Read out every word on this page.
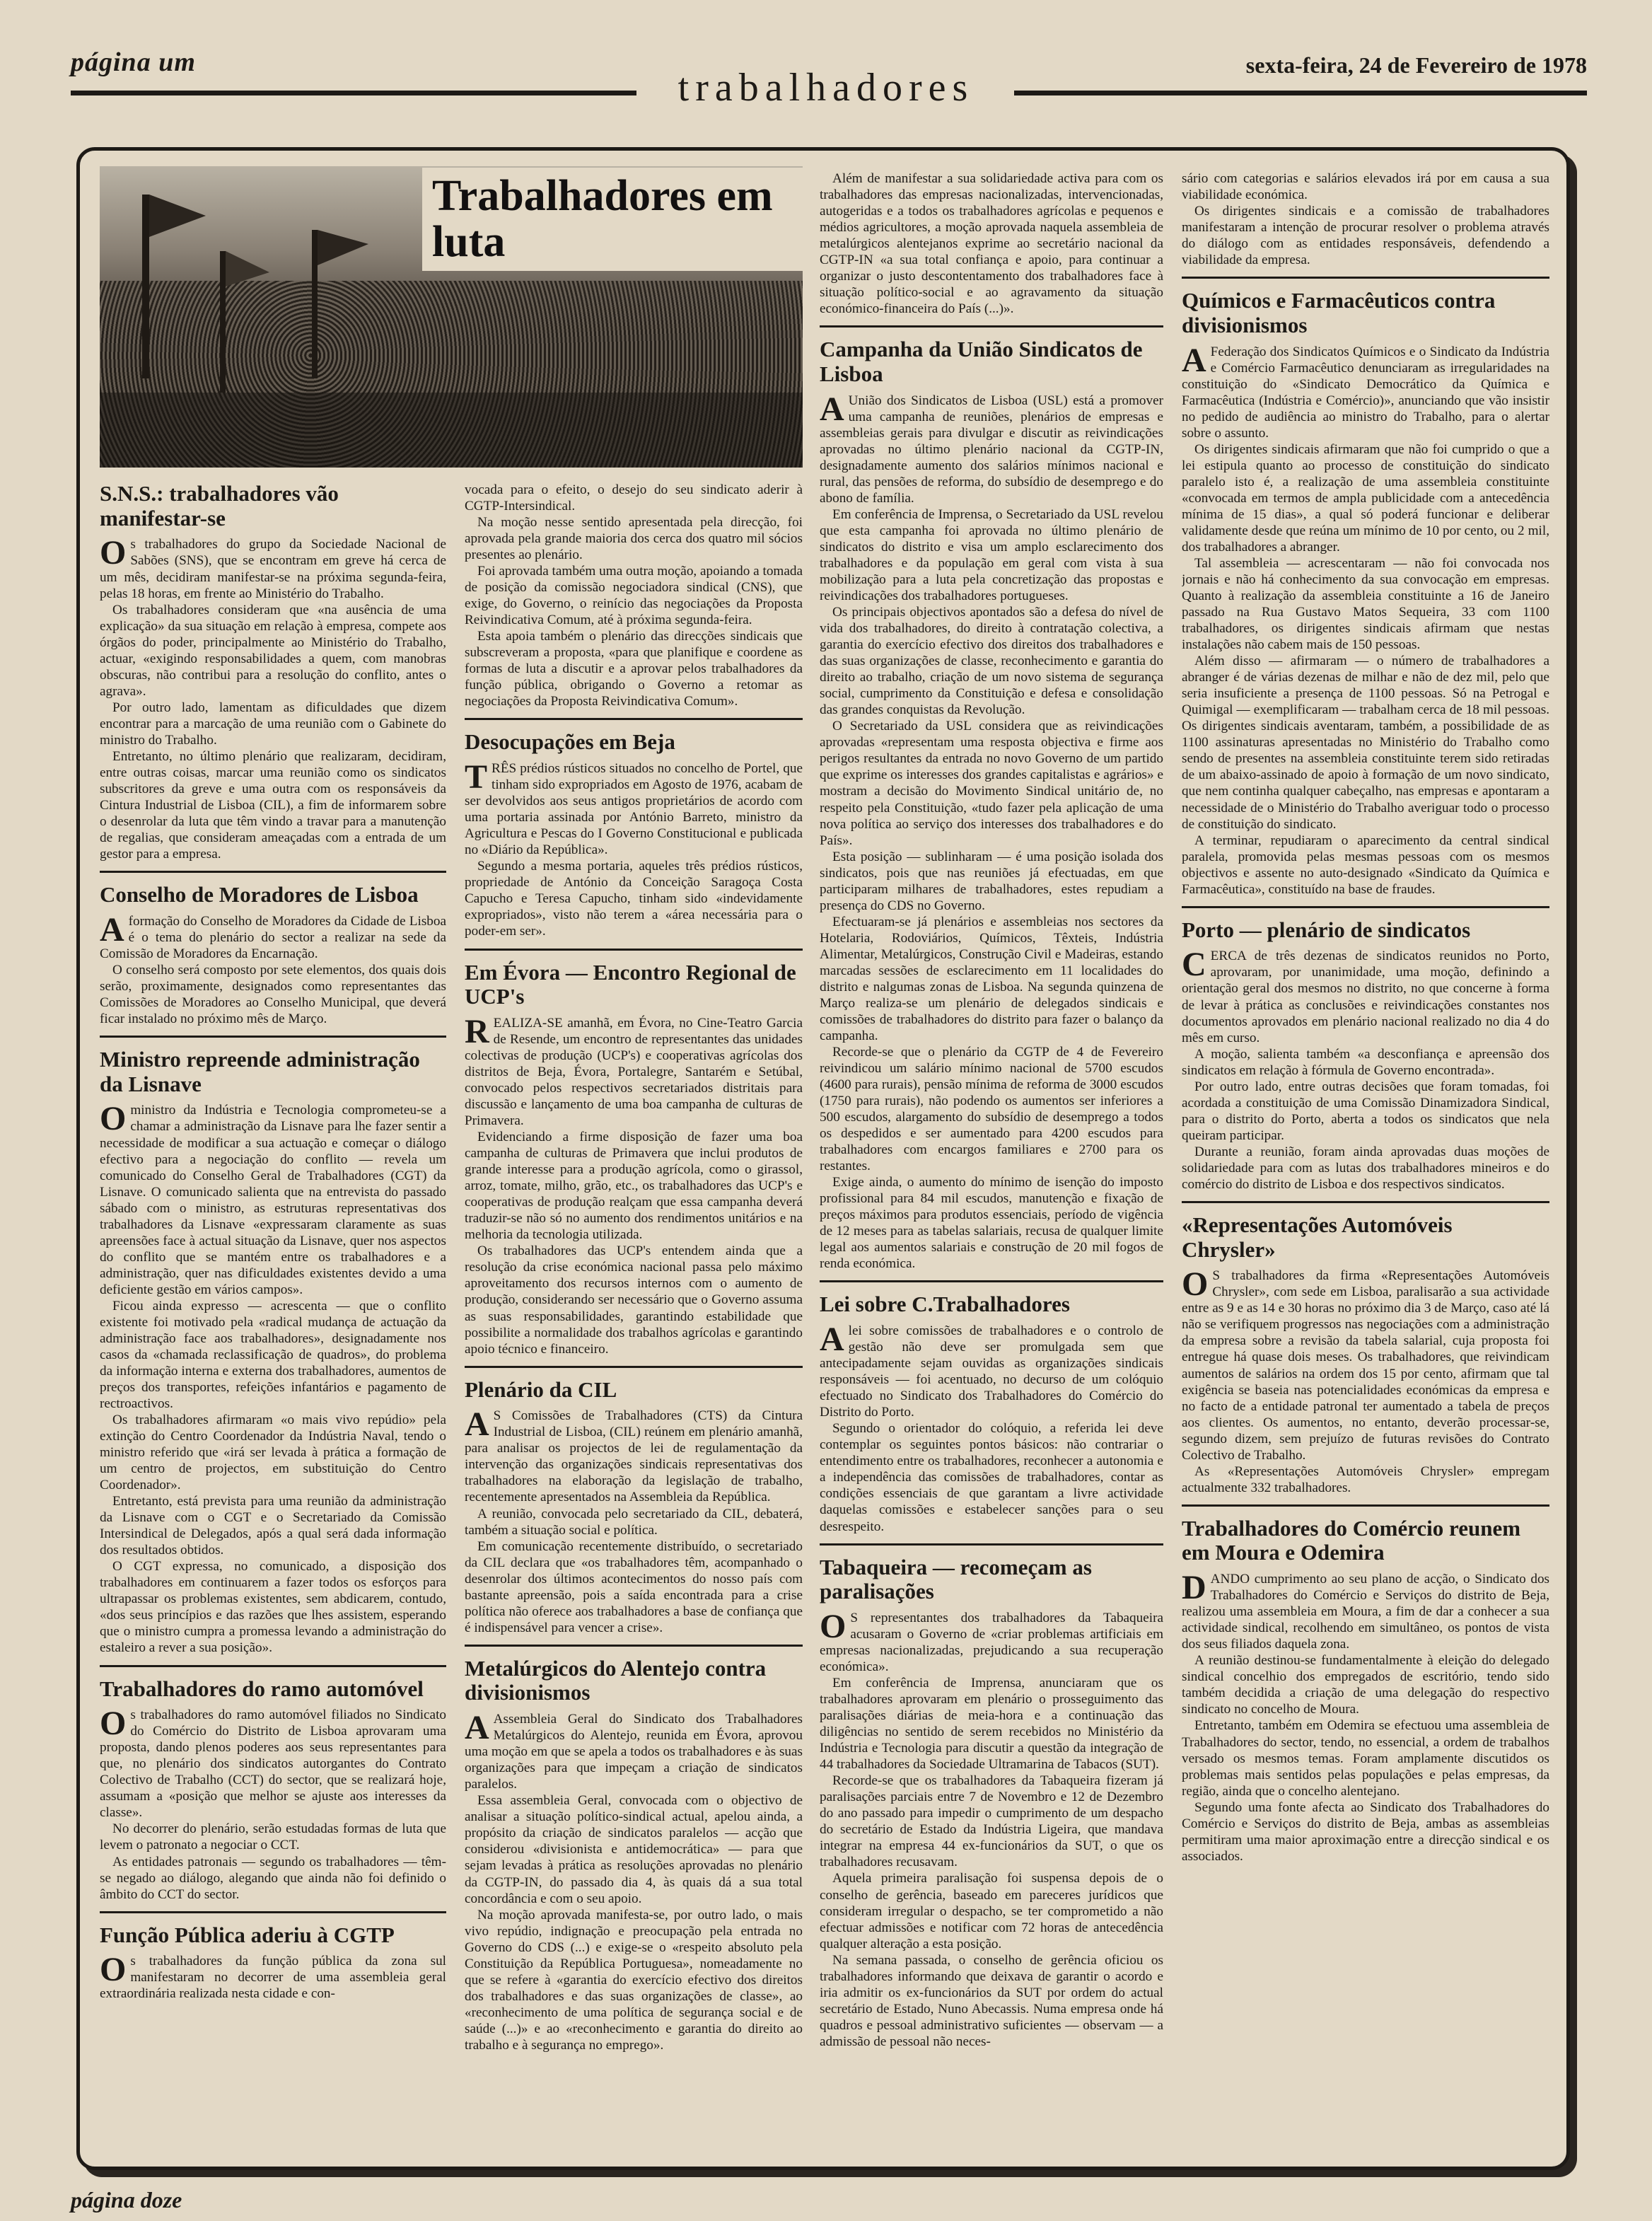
página um
trabalhadores
sexta-feira, 24 de Fevereiro de 1978
Trabalhadores em luta
S.N.S.: trabalhadores vão manifestar-se

Os trabalhadores do grupo da Sociedade Nacional de Sabões (SNS), que se encontram em greve há cerca de um mês, decidiram manifestar-se na próxima segunda-feira, pelas 18 horas, em frente ao Ministério do Trabalho.

Os trabalhadores consideram que «na ausência de uma explicação» da sua situação em relação à empresa, compete aos órgãos do poder, principalmente ao Ministério do Trabalho, actuar, «exigindo responsabilidades a quem, com manobras obscuras, não contribui para a resolução do conflito, antes o agrava».

Por outro lado, lamentam as dificuldades que dizem encontrar para a marcação de uma reunião com o Gabinete do ministro do Trabalho.

Entretanto, no último plenário que realizaram, decidiram, entre outras coisas, marcar uma reunião como os sindicatos subscritores da greve e uma outra com os responsáveis da Cintura Industrial de Lisboa (CIL), a fim de informarem sobre o desenrolar da luta que têm vindo a travar para a manutenção de regalias, que consideram ameaçadas com a entrada de um gestor para a empresa.

Conselho de Moradores de Lisboa

A formação do Conselho de Moradores da Cidade de Lisboa é o tema do plenário do sector a realizar na sede da Comissão de Moradores da Encarnação.

O conselho será composto por sete elementos, dos quais dois serão, proximamente, designados como representantes das Comissões de Moradores ao Conselho Municipal, que deverá ficar instalado no próximo mês de Março.

Ministro repreende administração da Lisnave

O ministro da Indústria e Tecnologia comprometeu-se a chamar a administração da Lisnave para lhe fazer sentir a necessidade de modificar a sua actuação e começar o diálogo efectivo para a negociação do conflito — revela um comunicado do Conselho Geral de Trabalhadores (CGT) da Lisnave. O comunicado salienta que na entrevista do passado sábado com o ministro, as estruturas representativas dos trabalhadores da Lisnave «expressaram claramente as suas apreensões face à actual situação da Lisnave, quer nos aspectos do conflito que se mantém entre os trabalhadores e a administração, quer nas dificuldades existentes devido a uma deficiente gestão em vários campos».

Ficou ainda expresso — acrescenta — que o conflito existente foi motivado pela «radical mudança de actuação da administração face aos trabalhadores», designadamente nos casos da «chamada reclassificação de quadros», do problema da informação interna e externa dos trabalhadores, aumentos de preços dos transportes, refeições infantários e pagamento de rectroactivos.

Os trabalhadores afirmaram «o mais vivo repúdio» pela extinção do Centro Coordenador da Indústria Naval, tendo o ministro referido que «irá ser levada à prática a formação de um centro de projectos, em substituição do Centro Coordenador».

Entretanto, está prevista para uma reunião da administração da Lisnave com o CGT e o Secretariado da Comissão Intersindical de Delegados, após a qual será dada informação dos resultados obtidos.

O CGT expressa, no comunicado, a disposição dos trabalhadores em continuarem a fazer todos os esforços para ultrapassar os problemas existentes, sem abdicarem, contudo, «dos seus princípios e das razões que lhes assistem, esperando que o ministro cumpra a promessa levando a administração do estaleiro a rever a sua posição».

Trabalhadores do ramo automóvel

Os trabalhadores do ramo automóvel filiados no Sindicato do Comércio do Distrito de Lisboa aprovaram uma proposta, dando plenos poderes aos seus representantes para que, no plenário dos sindicatos autorgantes do Contrato Colectivo de Trabalho (CCT) do sector, que se realizará hoje, assumam a «posição que melhor se ajuste aos interesses da classe».

No decorrer do plenário, serão estudadas formas de luta que levem o patronato a negociar o CCT.

As entidades patronais — segundo os trabalhadores — têm-se negado ao diálogo, alegando que ainda não foi definido o âmbito do CCT do sector.

Função Pública aderiu à CGTP

Os trabalhadores da função pública da zona sul manifestaram no decorrer de uma assembleia geral extraordinária realizada nesta cidade e con-

vocada para o efeito, o desejo do seu sindicato aderir à CGTP-Intersindical.

Na moção nesse sentido apresentada pela direcção, foi aprovada pela grande maioria dos cerca dos quatro mil sócios presentes ao plenário.

Foi aprovada também uma outra moção, apoiando a tomada de posição da comissão negociadora sindical (CNS), que exige, do Governo, o reinício das negociações da Proposta Reivindicativa Comum, até à próxima segunda-feira.

Esta apoia também o plenário das direcções sindicais que subscreveram a proposta, «para que planifique e coordene as formas de luta a discutir e a aprovar pelos trabalhadores da função pública, obrigando o Governo a retomar as negociações da Proposta Reivindicativa Comum».

Desocupações em Beja

TRÊS prédios rústicos situados no concelho de Portel, que tinham sido expropriados em Agosto de 1976, acabam de ser devolvidos aos seus antigos proprietários de acordo com uma portaria assinada por António Barreto, ministro da Agricultura e Pescas do I Governo Constitucional e publicada no «Diário da República».

Segundo a mesma portaria, aqueles três prédios rústicos, propriedade de António da Conceição Saragoça Costa Capucho e Teresa Capucho, tinham sido «indevidamente expropriados», visto não terem a «área necessária para o poder-em ser».

Em Évora — Encontro Regional de UCP's

REALIZA-SE amanhã, em Évora, no Cine-Teatro Garcia de Resende, um encontro de representantes das unidades colectivas de produção (UCP's) e cooperativas agrícolas dos distritos de Beja, Évora, Portalegre, Santarém e Setúbal, convocado pelos respectivos secretariados distritais para discussão e lançamento de uma boa campanha de culturas de Primavera.

Evidenciando a firme disposição de fazer uma boa campanha de culturas de Primavera que inclui produtos de grande interesse para a produção agrícola, como o girassol, arroz, tomate, milho, grão, etc., os trabalhadores das UCP's e cooperativas de produção realçam que essa campanha deverá traduzir-se não só no aumento dos rendimentos unitários e na melhoria da tecnologia utilizada.

Os trabalhadores das UCP's entendem ainda que a resolução da crise económica nacional passa pelo máximo aproveitamento dos recursos internos com o aumento de produção, considerando ser necessário que o Governo assuma as suas responsabilidades, garantindo estabilidade que possibilite a normalidade dos trabalhos agrícolas e garantindo apoio técnico e financeiro.

Plenário da CIL

A S Comissões de Trabalhadores (CTS) da Cintura Industrial de Lisboa, (CIL) reúnem em plenário amanhã, para analisar os projectos de lei de regulamentação da intervenção das organizações sindicais representativas dos trabalhadores na elaboração da legislação de trabalho, recentemente apresentados na Assembleia da República.

A reunião, convocada pelo secretariado da CIL, debaterá, também a situação social e política.

Em comunicação recentemente distribuído, o secretariado da CIL declara que «os trabalhadores têm, acompanhado o desenrolar dos últimos acontecimentos do nosso país com bastante apreensão, pois a saída encontrada para a crise política não oferece aos trabalhadores a base de confiança que é indispensável para vencer a crise».

Metalúrgicos do Alentejo contra divisionismos

A Assembleia Geral do Sindicato dos Trabalhadores Metalúrgicos do Alentejo, reunida em Évora, aprovou uma moção em que se apela a todos os trabalhadores e às suas organizações para que impeçam a criação de sindicatos paralelos.

Essa assembleia Geral, convocada com o objectivo de analisar a situação político-sindical actual, apelou ainda, a propósito da criação de sindicatos paralelos — acção que considerou «divisionista e antidemocrática» — para que sejam levadas à prática as resoluções aprovadas no plenário da CGTP-IN, do passado dia 4, às quais dá a sua total concordância e com o seu apoio.

Na moção aprovada manifesta-se, por outro lado, o mais vivo repúdio, indignação e preocupação pela entrada no Governo do CDS (...) e exige-se o «respeito absoluto pela Constituição da República Portuguesa», nomeadamente no que se refere à «garantia do exercício efectivo dos direitos dos trabalhadores e das suas organizações de classe», ao «reconhecimento de uma política de segurança social e de saúde (...)» e ao «reconhecimento e garantia do direito ao trabalho e à segurança no emprego».

Além de manifestar a sua solidariedade activa para com os trabalhadores das empresas nacionalizadas, intervencionadas, autogeridas e a todos os trabalhadores agrícolas e pequenos e médios agricultores, a moção aprovada naquela assembleia de metalúrgicos alentejanos exprime ao secretário nacional da CGTP-IN «a sua total confiança e apoio, para continuar a organizar o justo descontentamento dos trabalhadores face à situação político-social e ao agravamento da situação económico-financeira do País (...)».

Campanha da União Sindicatos de Lisboa

A União dos Sindicatos de Lisboa (USL) está a promover uma campanha de reuniões, plenários de empresas e assembleias gerais para divulgar e discutir as reivindicações aprovadas no último plenário nacional da CGTP-IN, designadamente aumento dos salários mínimos nacional e rural, das pensões de reforma, do subsídio de desemprego e do abono de família.

Em conferência de Imprensa, o Secretariado da USL revelou que esta campanha foi aprovada no último plenário de sindicatos do distrito e visa um amplo esclarecimento dos trabalhadores e da população em geral com vista à sua mobilização para a luta pela concretização das propostas e reivindicações dos trabalhadores portugueses.

Os principais objectivos apontados são a defesa do nível de vida dos trabalhadores, do direito à contratação colectiva, a garantia do exercício efectivo dos direitos dos trabalhadores e das suas organizações de classe, reconhecimento e garantia do direito ao trabalho, criação de um novo sistema de segurança social, cumprimento da Constituição e defesa e consolidação das grandes conquistas da Revolução.

O Secretariado da USL considera que as reivindicações aprovadas «representam uma resposta objectiva e firme aos perigos resultantes da entrada no novo Governo de um partido que exprime os interesses dos grandes capitalistas e agrários» e mostram a decisão do Movimento Sindical unitário de, no respeito pela Constituição, «tudo fazer pela aplicação de uma nova política ao serviço dos interesses dos trabalhadores e do País».

Esta posição — sublinharam — é uma posição isolada dos sindicatos, pois que nas reuniões já efectuadas, em que participaram milhares de trabalhadores, estes repudiam a presença do CDS no Governo.

Efectuaram-se já plenários e assembleias nos sectores da Hotelaria, Rodoviários, Químicos, Têxteis, Indústria Alimentar, Metalúrgicos, Construção Civil e Madeiras, estando marcadas sessões de esclarecimento em 11 localidades do distrito e nalgumas zonas de Lisboa. Na segunda quinzena de Março realiza-se um plenário de delegados sindicais e comissões de trabalhadores do distrito para fazer o balanço da campanha.

Recorde-se que o plenário da CGTP de 4 de Fevereiro reivindicou um salário mínimo nacional de 5700 escudos (4600 para rurais), pensão mínima de reforma de 3000 escudos (1750 para rurais), não podendo os aumentos ser inferiores a 500 escudos, alargamento do subsídio de desemprego a todos os despedidos e ser aumentado para 4200 escudos para trabalhadores com encargos familiares e 2700 para os restantes.

Exige ainda, o aumento do mínimo de isenção do imposto profissional para 84 mil escudos, manutenção e fixação de preços máximos para produtos essenciais, período de vigência de 12 meses para as tabelas salariais, recusa de qualquer limite legal aos aumentos salariais e construção de 20 mil fogos de renda económica.

Lei sobre C.Trabalhadores

A lei sobre comissões de trabalhadores e o controlo de gestão não deve ser promulgada sem que antecipadamente sejam ouvidas as organizações sindicais responsáveis — foi acentuado, no decurso de um colóquio efectuado no Sindicato dos Trabalhadores do Comércio do Distrito do Porto.

Segundo o orientador do colóquio, a referida lei deve contemplar os seguintes pontos básicos: não contrariar o entendimento entre os trabalhadores, reconhecer a autonomia e a independência das comissões de trabalhadores, contar as condições essenciais de que garantam a livre actividade daquelas comissões e estabelecer sanções para o seu desrespeito.

Tabaqueira — recomeçam as paralisações

O S representantes dos trabalhadores da Tabaqueira acusaram o Governo de «criar problemas artificiais em empresas nacionalizadas, prejudicando a sua recuperação económica».

Em conferência de Imprensa, anunciaram que os trabalhadores aprovaram em plenário o prosseguimento das paralisações diárias de meia-hora e a continuação das diligências no sentido de serem recebidos no Ministério da Indústria e Tecnologia para discutir a questão da integração de 44 trabalhadores da Sociedade Ultramarina de Tabacos (SUT).

Recorde-se que os trabalhadores da Tabaqueira fizeram já paralisações parciais entre 7 de Novembro e 12 de Dezembro do ano passado para impedir o cumprimento de um despacho do secretário de Estado da Indústria Ligeira, que mandava integrar na empresa 44 ex-funcionários da SUT, o que os trabalhadores recusavam.

Aquela primeira paralisação foi suspensa depois de o conselho de gerência, baseado em pareceres jurídicos que consideram irregular o despacho, se ter comprometido a não efectuar admissões e notificar com 72 horas de antecedência qualquer alteração a esta posição.

Na semana passada, o conselho de gerência oficiou os trabalhadores informando que deixava de garantir o acordo e iria admitir os ex-funcionários da SUT por ordem do actual secretário de Estado, Nuno Abecassis. Numa empresa onde há quadros e pessoal administrativo suficientes — observam — a admissão de pessoal não neces-

sário com categorias e salários elevados irá por em causa a sua viabilidade económica.

Os dirigentes sindicais e a comissão de trabalhadores manifestaram a intenção de procurar resolver o problema através do diálogo com as entidades responsáveis, defendendo a viabilidade da empresa.

Químicos e Farmacêuticos contra divisionismos

A Federação dos Sindicatos Químicos e o Sindicato da Indústria e Comércio Farmacêutico denunciaram as irregularidades na constituição do «Sindicato Democrático da Química e Farmacêutica (Indústria e Comércio)», anunciando que vão insistir no pedido de audiência ao ministro do Trabalho, para o alertar sobre o assunto.

Os dirigentes sindicais afirmaram que não foi cumprido o que a lei estipula quanto ao processo de constituição do sindicato paralelo isto é, a realização de uma assembleia constituinte «convocada em termos de ampla publicidade com a antecedência mínima de 15 dias», a qual só poderá funcionar e deliberar validamente desde que reúna um mínimo de 10 por cento, ou 2 mil, dos trabalhadores a abranger.

Tal assembleia — acrescentaram — não foi convocada nos jornais e não há conhecimento da sua convocação em empresas. Quanto à realização da assembleia constituinte a 16 de Janeiro passado na Rua Gustavo Matos Sequeira, 33 com 1100 trabalhadores, os dirigentes sindicais afirmam que nestas instalações não cabem mais de 150 pessoas.

Além disso — afirmaram — o número de trabalhadores a abranger é de várias dezenas de milhar e não de dez mil, pelo que seria insuficiente a presença de 1100 pessoas. Só na Petrogal e Quimigal — exemplificaram — trabalham cerca de 18 mil pessoas. Os dirigentes sindicais aventaram, também, a possibilidade de as 1100 assinaturas apresentadas no Ministério do Trabalho como sendo de presentes na assembleia constituinte terem sido retiradas de um abaixo-assinado de apoio à formação de um novo sindicato, que nem continha qualquer cabeçalho, nas empresas e apontaram a necessidade de o Ministério do Trabalho averiguar todo o processo de constituição do sindicato.

A terminar, repudiaram o aparecimento da central sindical paralela, promovida pelas mesmas pessoas com os mesmos objectivos e assente no auto-designado «Sindicato da Química e Farmacêutica», constituído na base de fraudes.

Porto — plenário de sindicatos

CERCA de três dezenas de sindicatos reunidos no Porto, aprovaram, por unanimidade, uma moção, definindo a orientação geral dos mesmos no distrito, no que concerne à forma de levar à prática as conclusões e reivindicações constantes nos documentos aprovados em plenário nacional realizado no dia 4 do mês em curso.

A moção, salienta também «a desconfiança e apreensão dos sindicatos em relação à fórmula de Governo encontrada».

Por outro lado, entre outras decisões que foram tomadas, foi acordada a constituição de uma Comissão Dinamizadora Sindical, para o distrito do Porto, aberta a todos os sindicatos que nela queiram participar.

Durante a reunião, foram ainda aprovadas duas moções de solidariedade para com as lutas dos trabalhadores mineiros e do comércio do distrito de Lisboa e dos respectivos sindicatos.

«Representações Automóveis Chrysler»

O S trabalhadores da firma «Representações Automóveis Chrysler», com sede em Lisboa, paralisarão a sua actividade entre as 9 e as 14 e 30 horas no próximo dia 3 de Março, caso até lá não se verifiquem progressos nas negociações com a administração da empresa sobre a revisão da tabela salarial, cuja proposta foi entregue há quase dois meses. Os trabalhadores, que reivindicam aumentos de salários na ordem dos 15 por cento, afirmam que tal exigência se baseia nas potencialidades económicas da empresa e no facto de a entidade patronal ter aumentado a tabela de preços aos clientes. Os aumentos, no entanto, deverão processar-se, segundo dizem, sem prejuízo de futuras revisões do Contrato Colectivo de Trabalho.

As «Representações Automóveis Chrysler» empregam actualmente 332 trabalhadores.

Trabalhadores do Comércio reunem em Moura e Odemira

DANDO cumprimento ao seu plano de acção, o Sindicato dos Trabalhadores do Comércio e Serviços do distrito de Beja, realizou uma assembleia em Moura, a fim de dar a conhecer a sua actividade sindical, recolhendo em simultâneo, os pontos de vista dos seus filiados daquela zona.

A reunião destinou-se fundamentalmente à eleição do delegado sindical concelhio dos empregados de escritório, tendo sido também decidida a criação de uma delegação do respectivo sindicato no concelho de Moura.

Entretanto, também em Odemira se efectuou uma assembleia de Trabalhadores do sector, tendo, no essencial, a ordem de trabalhos versado os mesmos temas. Foram amplamente discutidos os problemas mais sentidos pelas populações e pelas empresas, da região, ainda que o concelho alentejano.

Segundo uma fonte afecta ao Sindicato dos Trabalhadores do Comércio e Serviços do distrito de Beja, ambas as assembleias permitiram uma maior aproximação entre a direcção sindical e os associados.

página doze
